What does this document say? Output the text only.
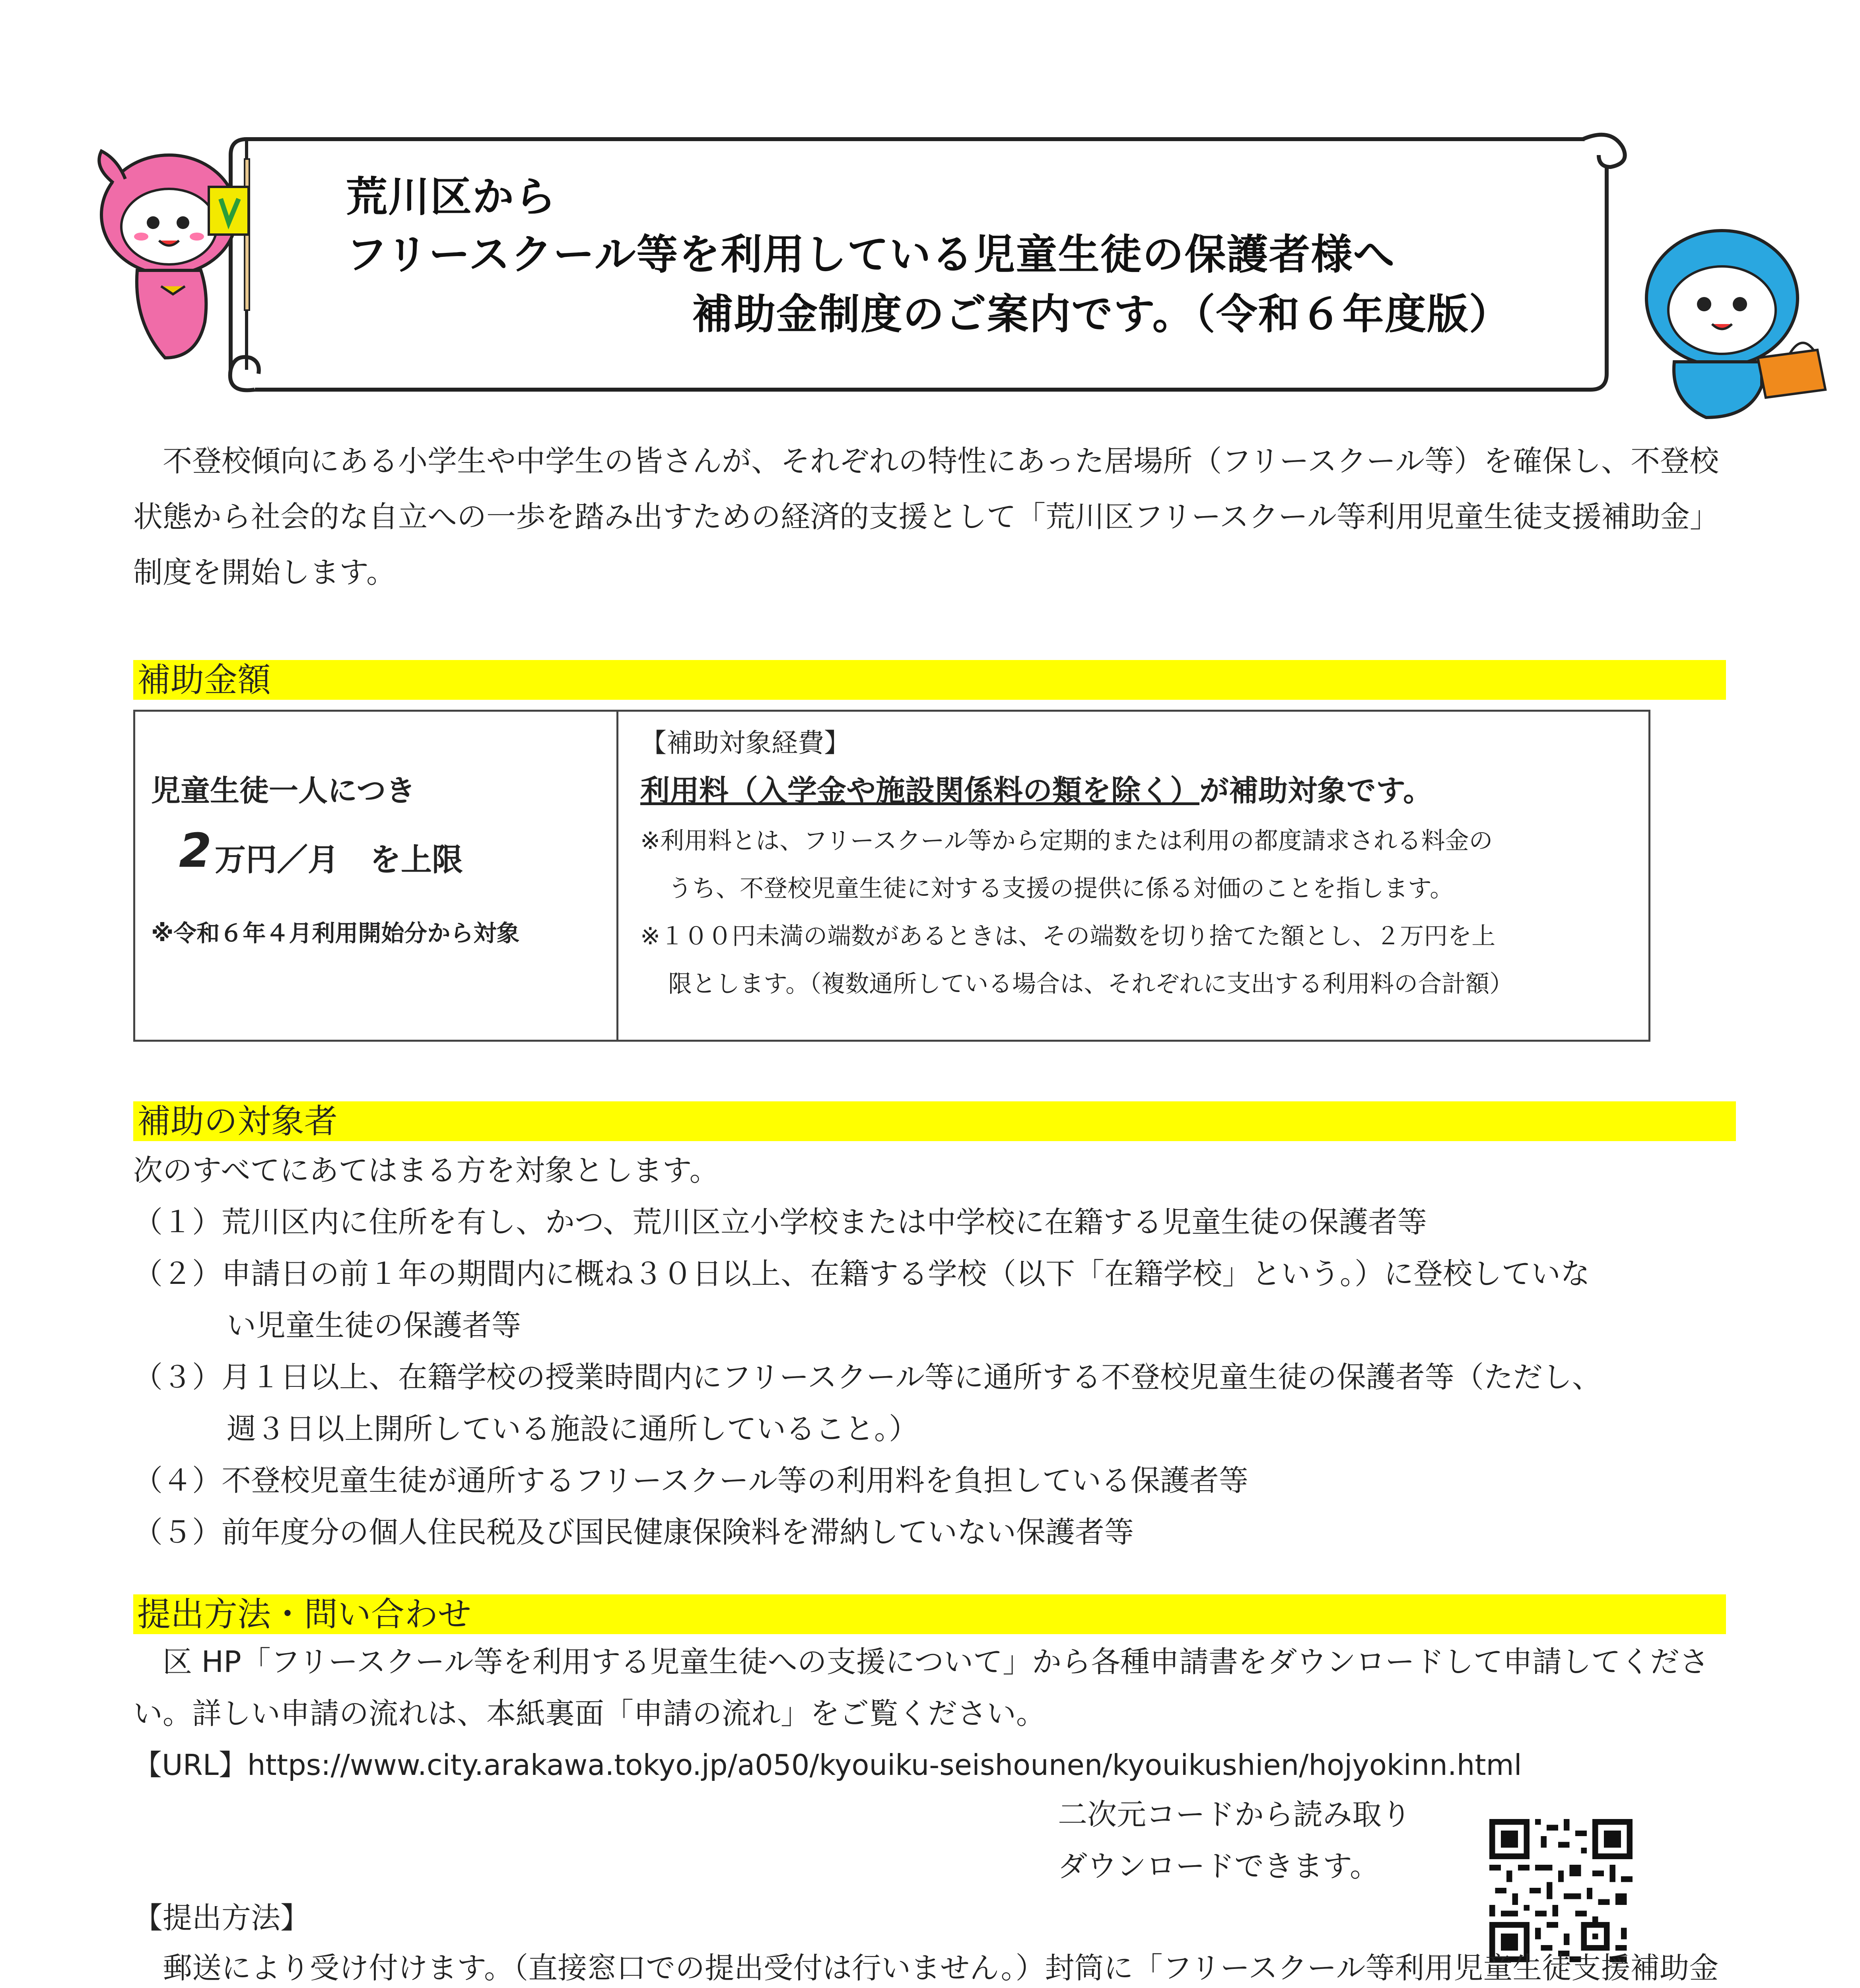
荒川区から
フリースクール等を利用している児童生徒の保護者様へ
補助金制度のご案内です。（令和６年度版）
不登校傾向にある小学生や中学生の皆さんが、それぞれの特性にあった居場所（フリースクール等）を確保し、不登校状態から社会的な自立への一歩を踏み出すための経済的支援として「荒川区フリースクール等利用児童生徒支援補助金」制度を開始します。
補助金額
児童生徒一人につき
2 万円／月　を上限
※令和６年４月利用開始分から対象
【補助対象経費】
利用料（入学金や施設関係料の類を除く）が補助対象です。
※利用料とは、フリースクール等から定期的または利用の都度請求される料金の
うち、不登校児童生徒に対する支援の提供に係る対価のことを指します。
※１００円未満の端数があるときは、その端数を切り捨てた額とし、２万円を上
限とします。（複数通所している場合は、それぞれに支出する利用料の合計額）
補助の対象者
次のすべてにあてはまる方を対象とします。
（１）荒川区内に住所を有し、かつ、荒川区立小学校または中学校に在籍する児童生徒の保護者等
（２）申請日の前１年の期間内に概ね３０日以上、在籍する学校（以下「在籍学校」という。）に登校していな
い児童生徒の保護者等
（３）月１日以上、在籍学校の授業時間内にフリースクール等に通所する不登校児童生徒の保護者等（ただし、
週３日以上開所している施設に通所していること。）
（４）不登校児童生徒が通所するフリースクール等の利用料を負担している保護者等
（５）前年度分の個人住民税及び国民健康保険料を滞納していない保護者等
提出方法・問い合わせ
区 HP「フリースクール等を利用する児童生徒への支援について」から各種申請書をダウンロードして申請してください。詳しい申請の流れは、本紙裏面「申請の流れ」をご覧ください。
【URL】https://www.city.arakawa.tokyo.jp/a050/kyouiku-seishounen/kyouikushien/hojyokinn.html
二次元コードから読み取り
ダウンロードできます。
【提出方法】
郵送により受け付けます。（直接窓口での提出受付は行いません。）封筒に「フリースクール等利用児童生徒支援補助金
